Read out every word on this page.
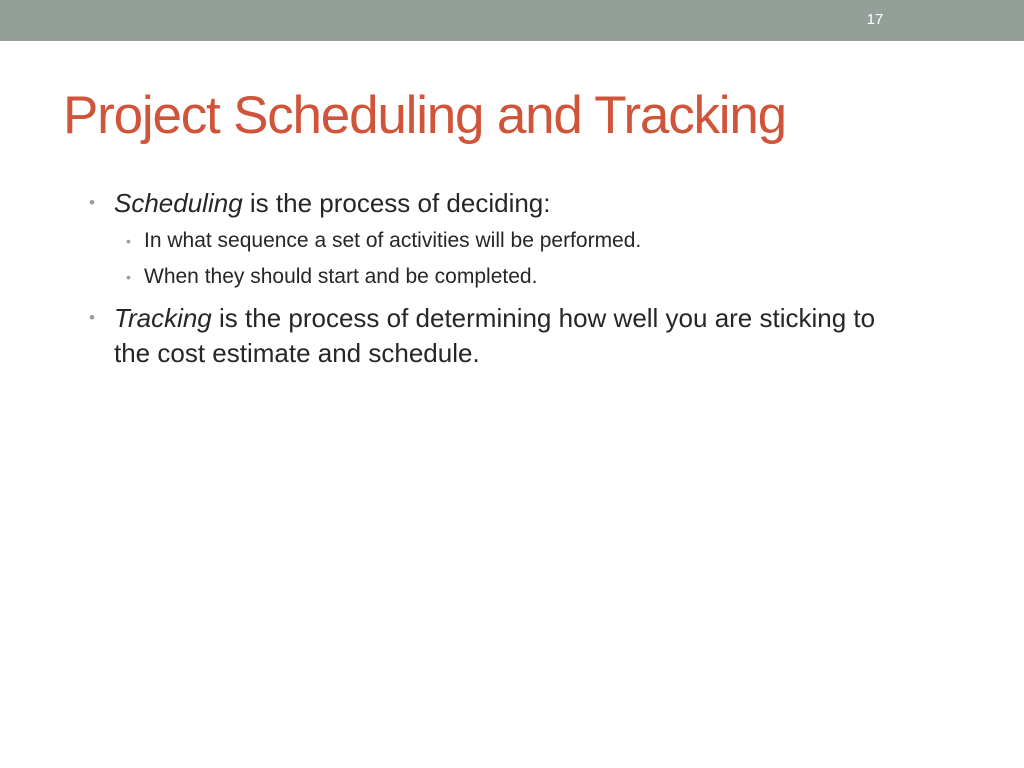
17
Project Scheduling and Tracking
• Scheduling is the process of deciding:
• In what sequence a set of activities will be performed.
• When they should start and be completed.
• Tracking is the process of determining how well you are sticking to
the cost estimate and schedule.
